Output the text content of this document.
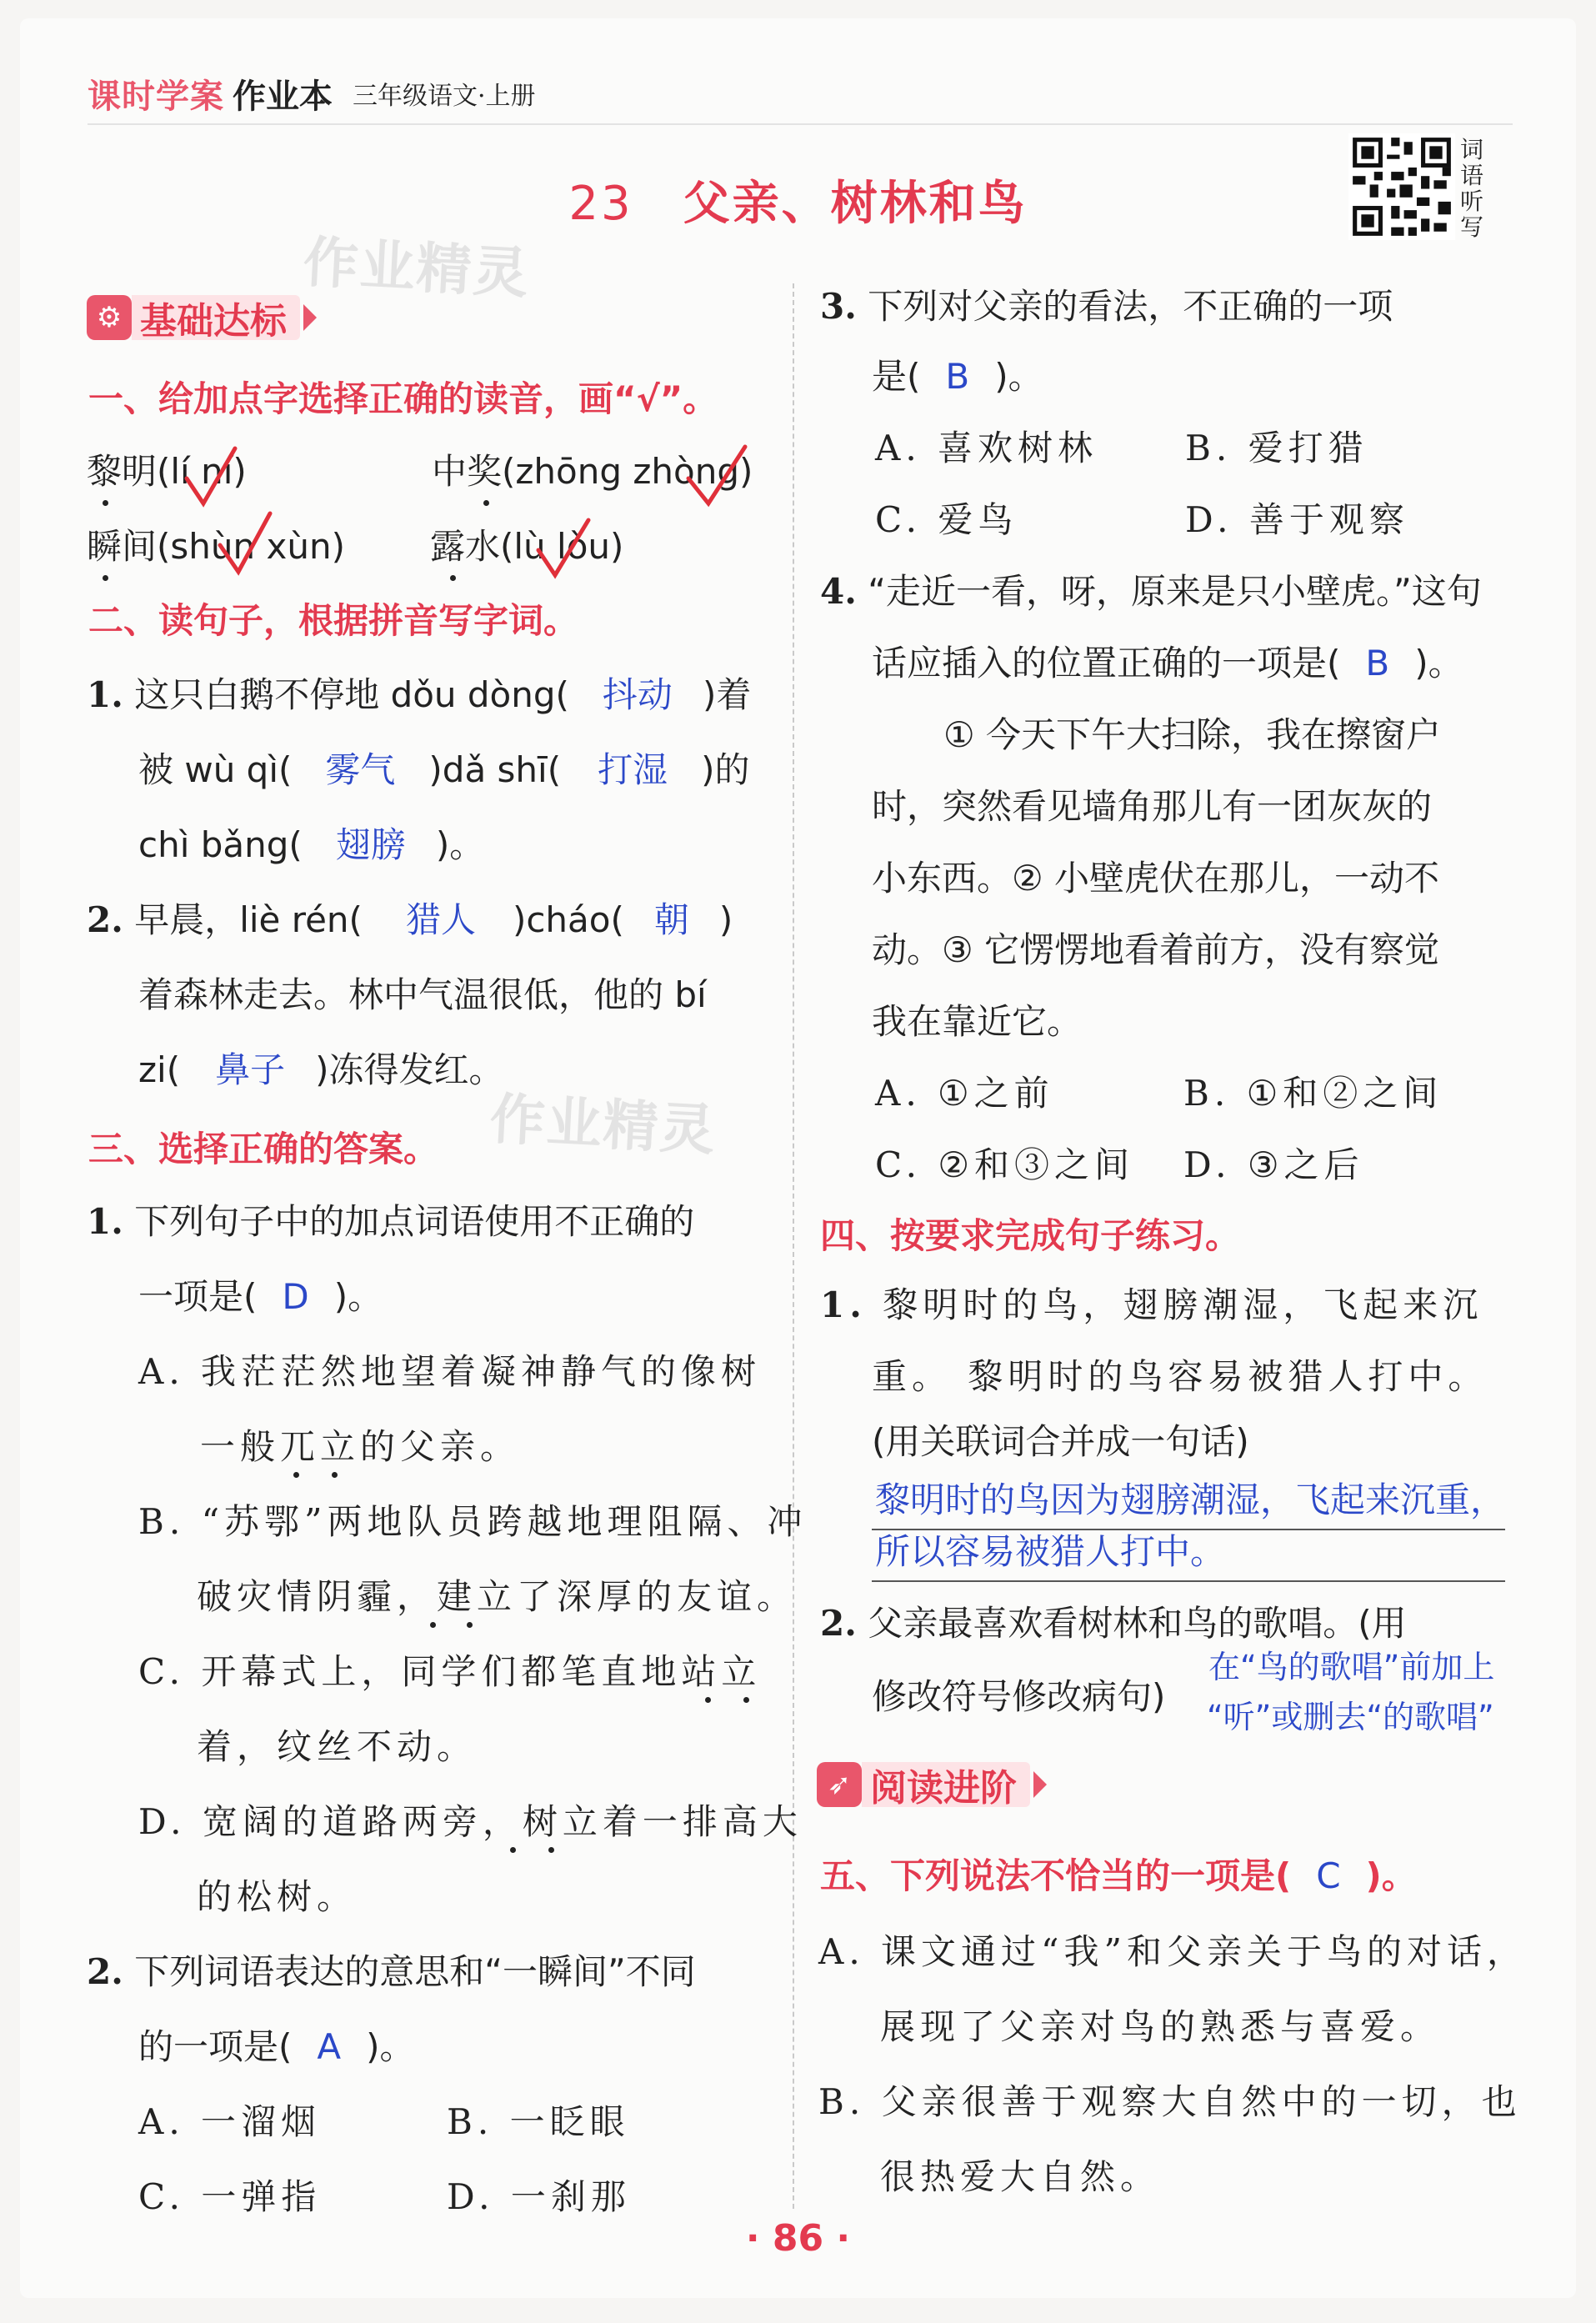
课时学案 作业本 三年级语文·上册
23 父亲、树林和鸟
词语听写
作业精灵
作业精灵
⚙ 基础达标
一、给加点字选择正确的读音，画“√”。
黎明(lí ní)	中奖(zhōng zhòng)
瞬间(shùn xùn) 露水(lù lòu)
二、读句子，根据拼音写字词。
1. 这只白鹅不停地 dǒu dòng( 抖动 )着
被 wù qì( 雾气 )dǎ shī( 打湿 )的
chì bǎng( 翅膀 )。
2. 早晨，liè rén( 猎人 )cháo( 朝 )
着森林走去。林中气温很低，他的 bí
zi( 鼻子 )冻得发红。
三、选择正确的答案。
1. 下列句子中的加点词语使用不正确的
一项是( D )。
A. 我茫茫然地望着凝神静气的像树
一般兀立的父亲。
B. “苏鄂”两地队员跨越地理阻隔、冲
破灾情阴霾，建立了深厚的友谊。
C. 开幕式上，同学们都笔直地站立
着，纹丝不动。
D. 宽阔的道路两旁，树立着一排高大
的松树。
2. 下列词语表达的意思和“一瞬间”不同
的一项是( A )。
A. 一溜烟	B. 一眨眼
C. 一弹指	D. 一刹那
3. 下列对父亲的看法，不正确的一项
是( B )。
A. 喜欢树林 B. 爱打猎
C. 爱鸟	D. 善于观察
4. “走近一看，呀，原来是只小壁虎。”这句
话应插入的位置正确的一项是( B )。
① 今天下午大扫除，我在擦窗户
时，突然看见墙角那儿有一团灰灰的
小东西。② 小壁虎伏在那儿，一动不
动。③ 它愣愣地看着前方，没有察觉
我在靠近它。
A. ①之前	B. ①和②之间
C. ②和③之间 D. ③之后
四、按要求完成句子练习。
1. 黎明时的鸟，翅膀潮湿，飞起来沉
重。 黎明时的鸟容易被猎人打中。
(用关联词合并成一句话)
黎明时的鸟因为翅膀潮湿，飞起来沉重，
所以容易被猎人打中。
2. 父亲最喜欢看树林和鸟的歌唱。(用
修改符号修改病句)
在“鸟的歌唱”前加上
“听”或删去“的歌唱”
➶ 阅读进阶
五、下列说法不恰当的一项是( C )。
A. 课文通过“我”和父亲关于鸟的对话，
展现了父亲对鸟的熟悉与喜爱。
B. 父亲很善于观察大自然中的一切，也
很热爱大自然。
· 86 ·
